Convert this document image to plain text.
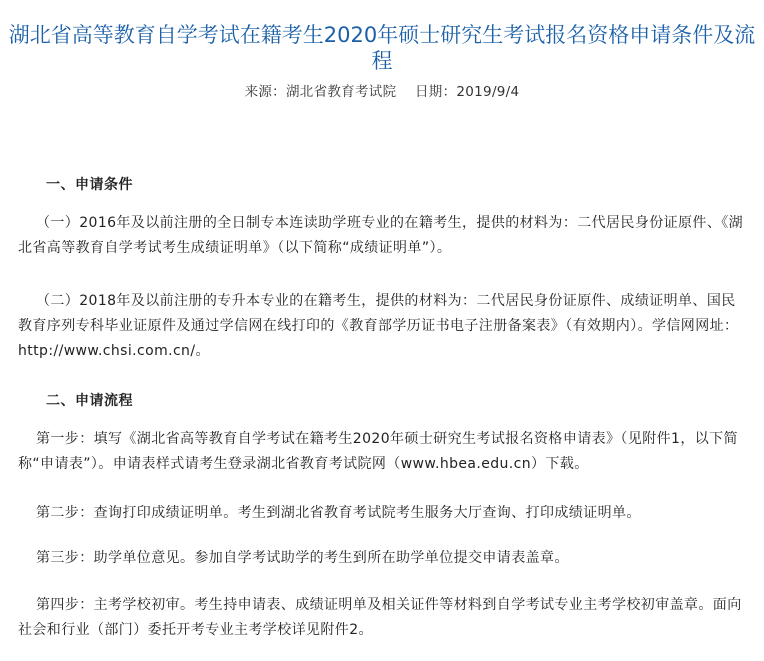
湖北省高等教育自学考试在籍考生2020年硕士研究生考试报名资格申请条件及流程
来源：湖北省教育考试院 日期：2019/9/4
一、申请条件
（一）2016年及以前注册的全日制专本连读助学班专业的在籍考生，提供的材料为：二代居民身份证原件、《湖北省高等教育自学考试考生成绩证明单》（以下简称“成绩证明单”）。
（二）2018年及以前注册的专升本专业的在籍考生，提供的材料为：二代居民身份证原件、成绩证明单、国民教育序列专科毕业证原件及通过学信网在线打印的《教育部学历证书电子注册备案表》（有效期内）。学信网网址：http://www.chsi.com.cn/。
二、申请流程
第一步：填写《湖北省高等教育自学考试在籍考生2020年硕士研究生考试报名资格申请表》（见附件1，以下简称“申请表”）。申请表样式请考生登录湖北省教育考试院网（www.hbea.edu.cn）下载。
第二步：查询打印成绩证明单。考生到湖北省教育考试院考生服务大厅查询、打印成绩证明单。
第三步：助学单位意见。参加自学考试助学的考生到所在助学单位提交申请表盖章。
第四步：主考学校初审。考生持申请表、成绩证明单及相关证件等材料到自学考试专业主考学校初审盖章。面向社会和行业（部门）委托开考专业主考学校详见附件2。
